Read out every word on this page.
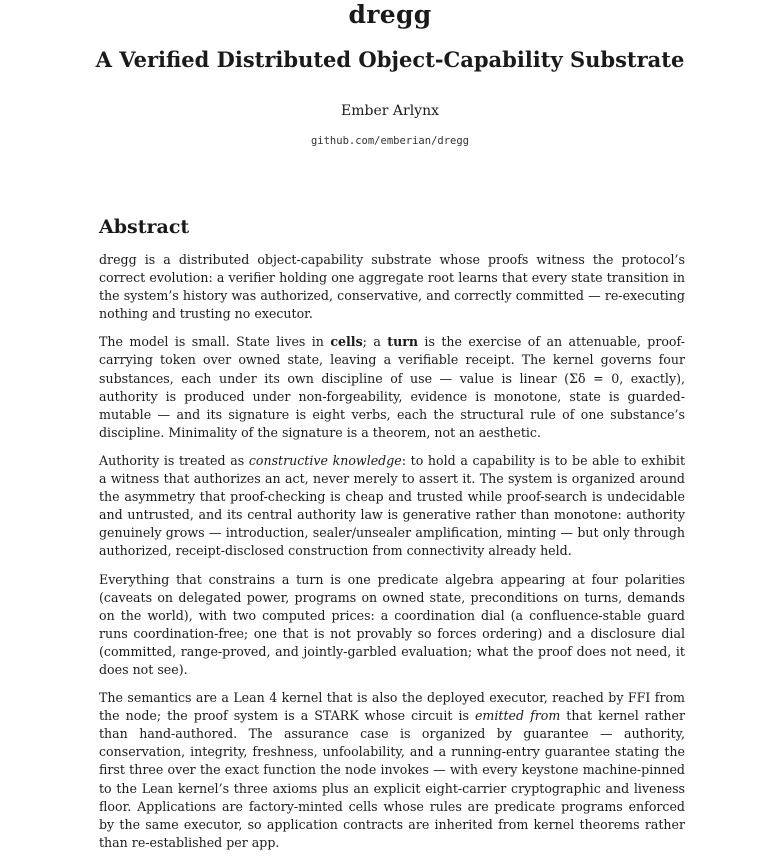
dregg
A Verified Distributed Object-Capability Substrate
Ember Arlynx
github.com/emberian/dregg
Abstract

dregg is a distributed object-capability substrate whose proofs witness the protocol’s correct evolution: a verifier holding one aggregate root learns that every state transition in the system’s history was authorized, conservative, and correctly committed — re-executing nothing and trusting no executor.

The model is small. State lives in cells; a turn is the exercise of an attenuable, proof-carrying token over owned state, leaving a verifiable receipt. The kernel governs four substances, each under its own discipline of use — value is linear (Σδ = 0, exactly), authority is produced under non-forgeability, evidence is monotone, state is guarded-mutable — and its signature is eight verbs, each the structural rule of one substance’s discipline. Minimality of the signature is a theorem, not an aesthetic.

Authority is treated as constructive knowledge: to hold a capability is to be able to exhibit a witness that authorizes an act, never merely to assert it. The system is organized around the asymmetry that proof-checking is cheap and trusted while proof-search is undecidable and untrusted, and its central authority law is generative rather than monotone: authority genuinely grows — introduction, sealer/unsealer amplification, minting — but only through authorized, receipt-disclosed construction from connectivity already held.

Everything that constrains a turn is one predicate algebra appearing at four polarities (caveats on delegated power, programs on owned state, preconditions on turns, demands on the world), with two computed prices: a coordination dial (a confluence-stable guard runs coordination-free; one that is not provably so forces ordering) and a disclosure dial (committed, range-proved, and jointly-garbled evaluation; what the proof does not need, it does not see).

The semantics are a Lean 4 kernel that is also the deployed executor, reached by FFI from the node; the proof system is a STARK whose circuit is emitted from that kernel rather than hand-authored. The assurance case is organized by guarantee — authority, conservation, integrity, freshness, unfoolability, and a running-entry guarantee stating the first three over the exact function the node invokes — with every keystone machine-pinned to the Lean kernel’s three axioms plus an explicit eight-carrier cryptographic and liveness floor. Applications are factory-minted cells whose rules are predicate programs enforced by the same executor, so application contracts are inherited from kernel theorems rather than re-established per app.
